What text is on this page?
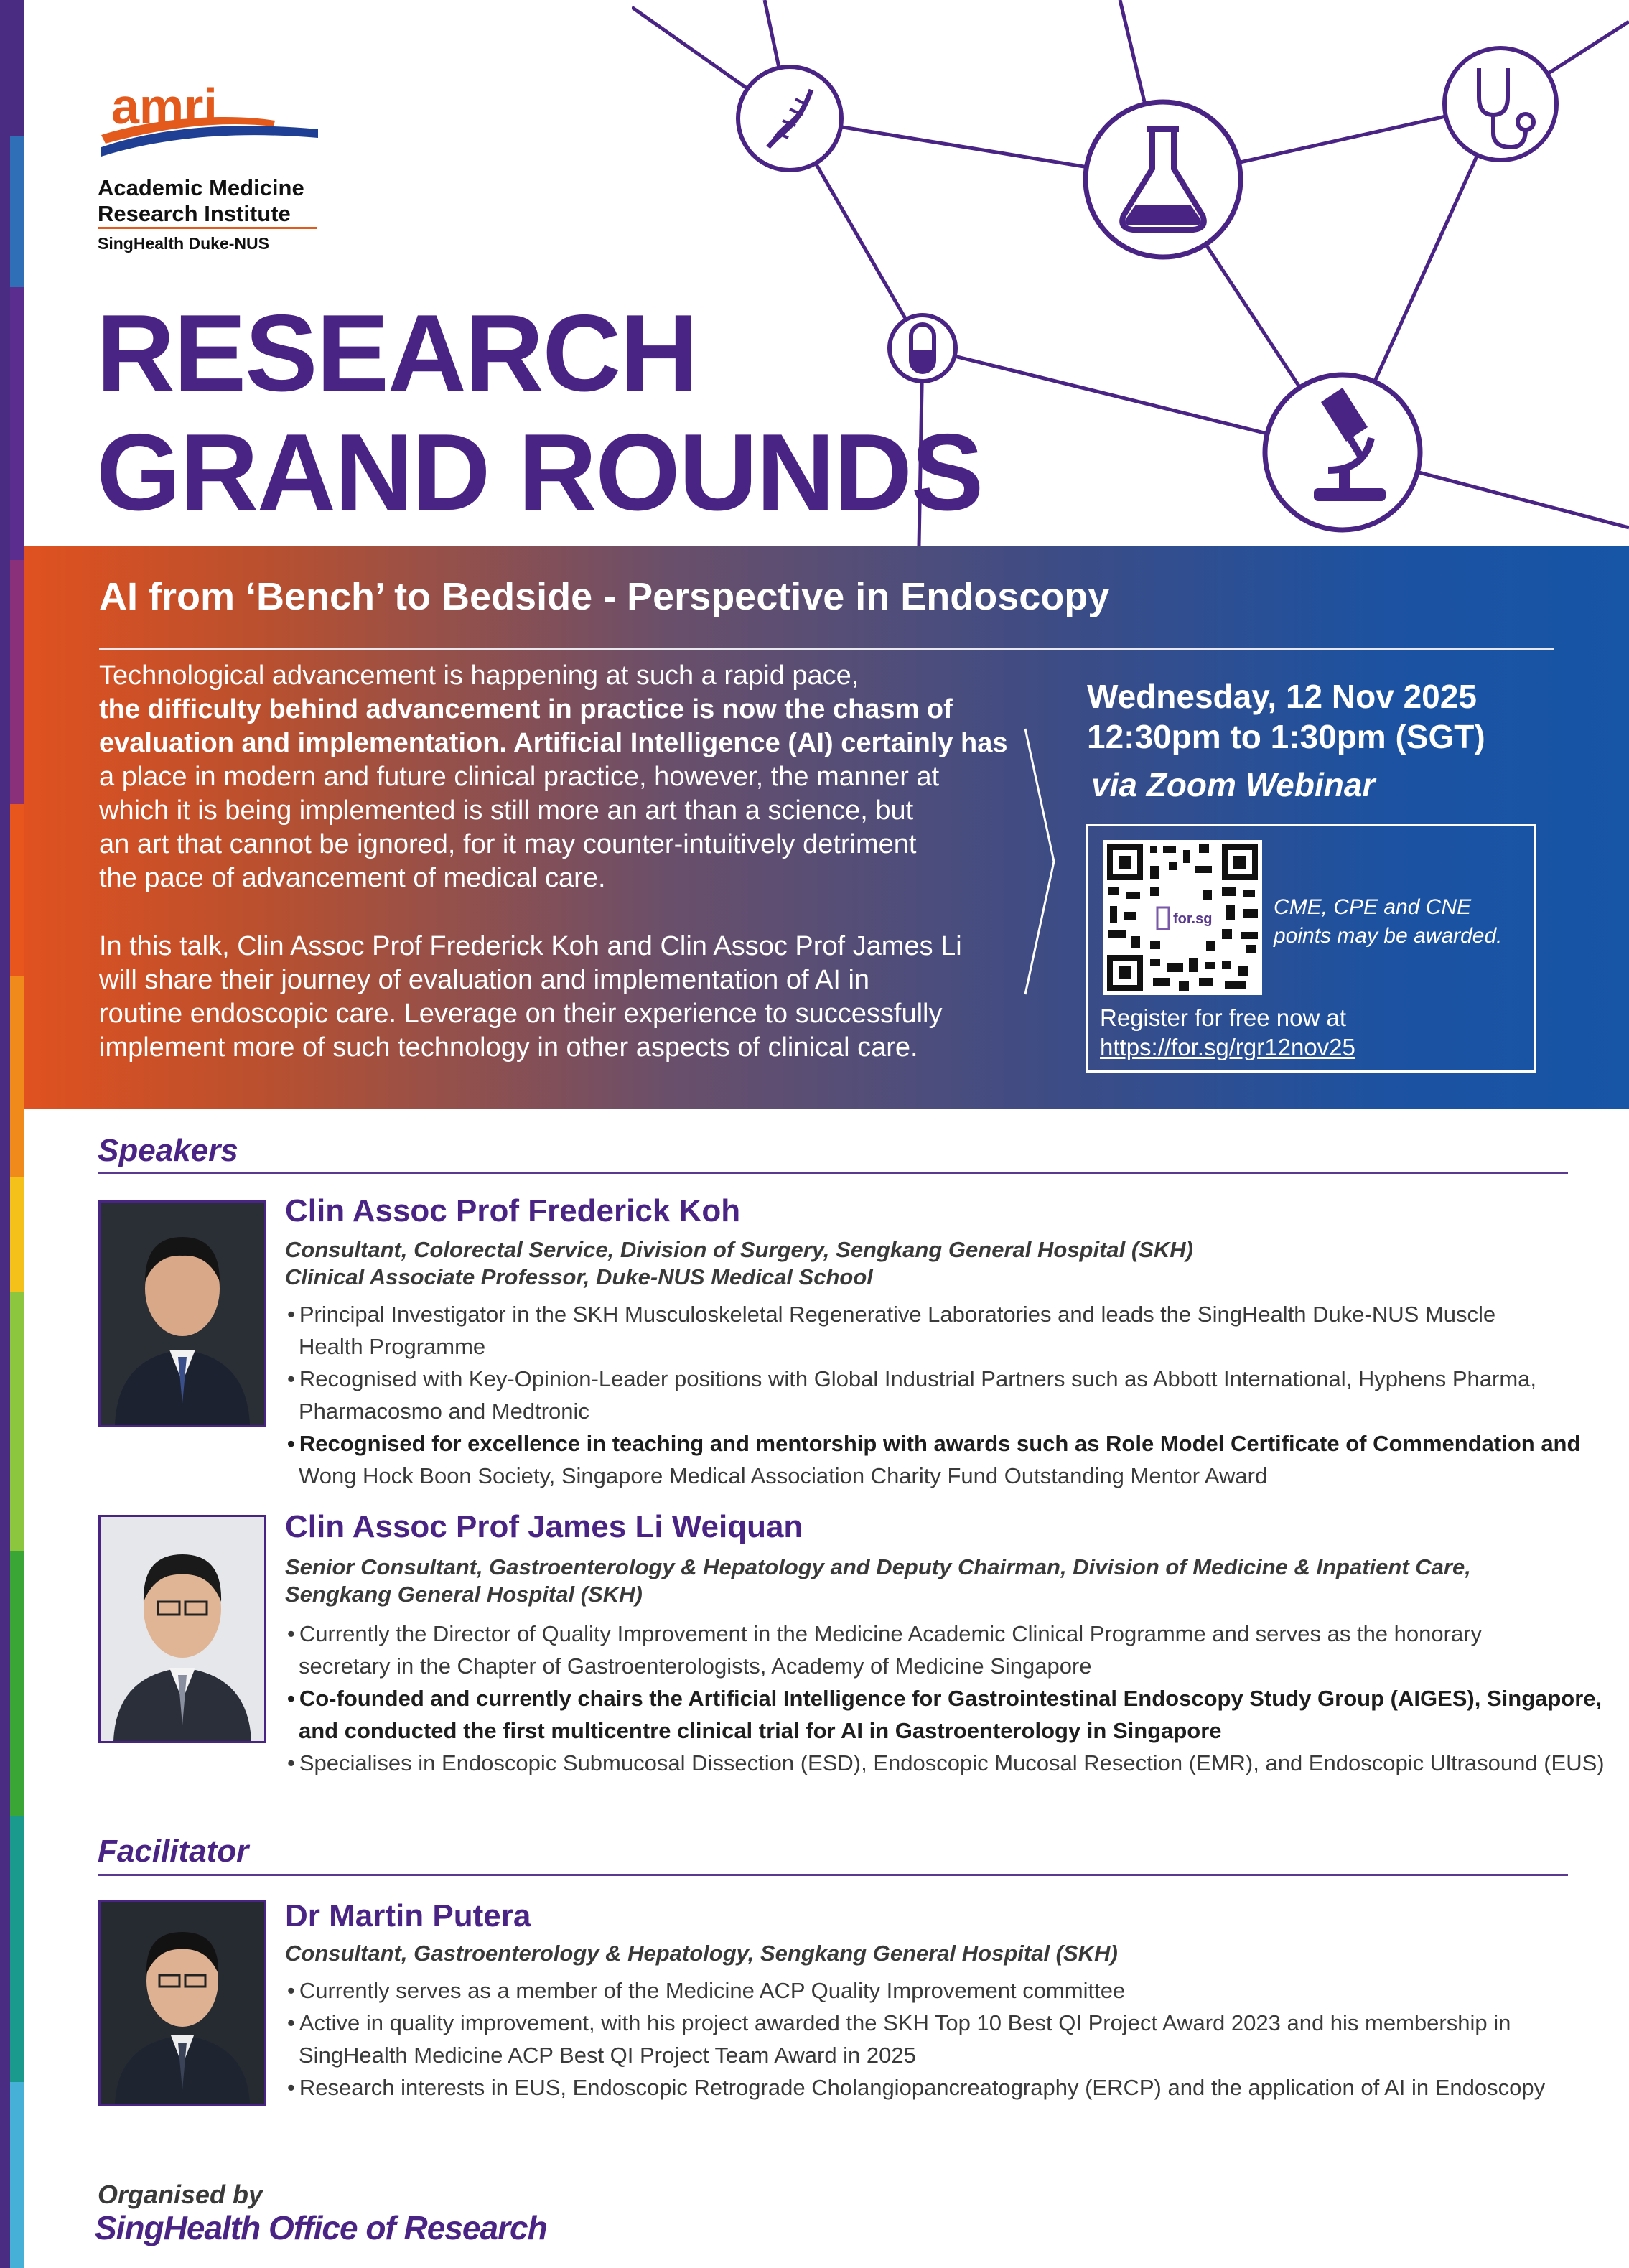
amri
Academic Medicine
Research Institute
SingHealth Duke-NUS
RESEARCH
GRAND ROUNDS
AI from ‘Bench’ to Bedside - Perspective in Endoscopy
Technological advancement is happening at such a rapid pace,
the difficulty behind advancement in practice is now the chasm of
evaluation and implementation. Artificial Intelligence (AI) certainly has
a place in modern and future clinical practice, however, the manner at
which it is being implemented is still more an art than a science, but
an art that cannot be ignored, for it may counter-intuitively detriment
the pace of advancement of medical care.
In this talk, Clin Assoc Prof Frederick Koh and Clin Assoc Prof James Li
will share their journey of evaluation and implementation of AI in
routine endoscopic care. Leverage on their experience to successfully
implement more of such technology in other aspects of clinical care.
Wednesday, 12 Nov 2025
12:30pm to 1:30pm (SGT)
via Zoom Webinar
for.sg	CME, CPE and CNE points may be awarded.
Register for free now at
https://for.sg/rgr12nov25
Speakers
Clin Assoc Prof Frederick Koh
Consultant, Colorectal Service, Division of Surgery, Sengkang General Hospital (SKH)
Clinical Associate Professor, Duke-NUS Medical School
• Principal Investigator in the SKH Musculoskeletal Regenerative Laboratories and leads the SingHealth Duke-NUS Muscle
Health Programme
• Recognised with Key-Opinion-Leader positions with Global Industrial Partners such as Abbott International, Hyphens Pharma,
Pharmacosmo and Medtronic
• Recognised for excellence in teaching and mentorship with awards such as Role Model Certificate of Commendation and
Wong Hock Boon Society, Singapore Medical Association Charity Fund Outstanding Mentor Award
Clin Assoc Prof James Li Weiquan
Senior Consultant, Gastroenterology & Hepatology and Deputy Chairman, Division of Medicine & Inpatient Care,
Sengkang General Hospital (SKH)
• Currently the Director of Quality Improvement in the Medicine Academic Clinical Programme and serves as the honorary
secretary in the Chapter of Gastroenterologists, Academy of Medicine Singapore
• Co-founded and currently chairs the Artificial Intelligence for Gastrointestinal Endoscopy Study Group (AIGES), Singapore,
and conducted the first multicentre clinical trial for AI in Gastroenterology in Singapore
• Specialises in Endoscopic Submucosal Dissection (ESD), Endoscopic Mucosal Resection (EMR), and Endoscopic Ultrasound (EUS)
Facilitator
Dr Martin Putera
Consultant, Gastroenterology & Hepatology, Sengkang General Hospital (SKH)
• Currently serves as a member of the Medicine ACP Quality Improvement committee
• Active in quality improvement, with his project awarded the SKH Top 10 Best QI Project Award 2023 and his membership in
SingHealth Medicine ACP Best QI Project Team Award in 2025
• Research interests in EUS, Endoscopic Retrograde Cholangiopancreatography (ERCP) and the application of AI in Endoscopy
Organised by
SingHealth Office of Research
